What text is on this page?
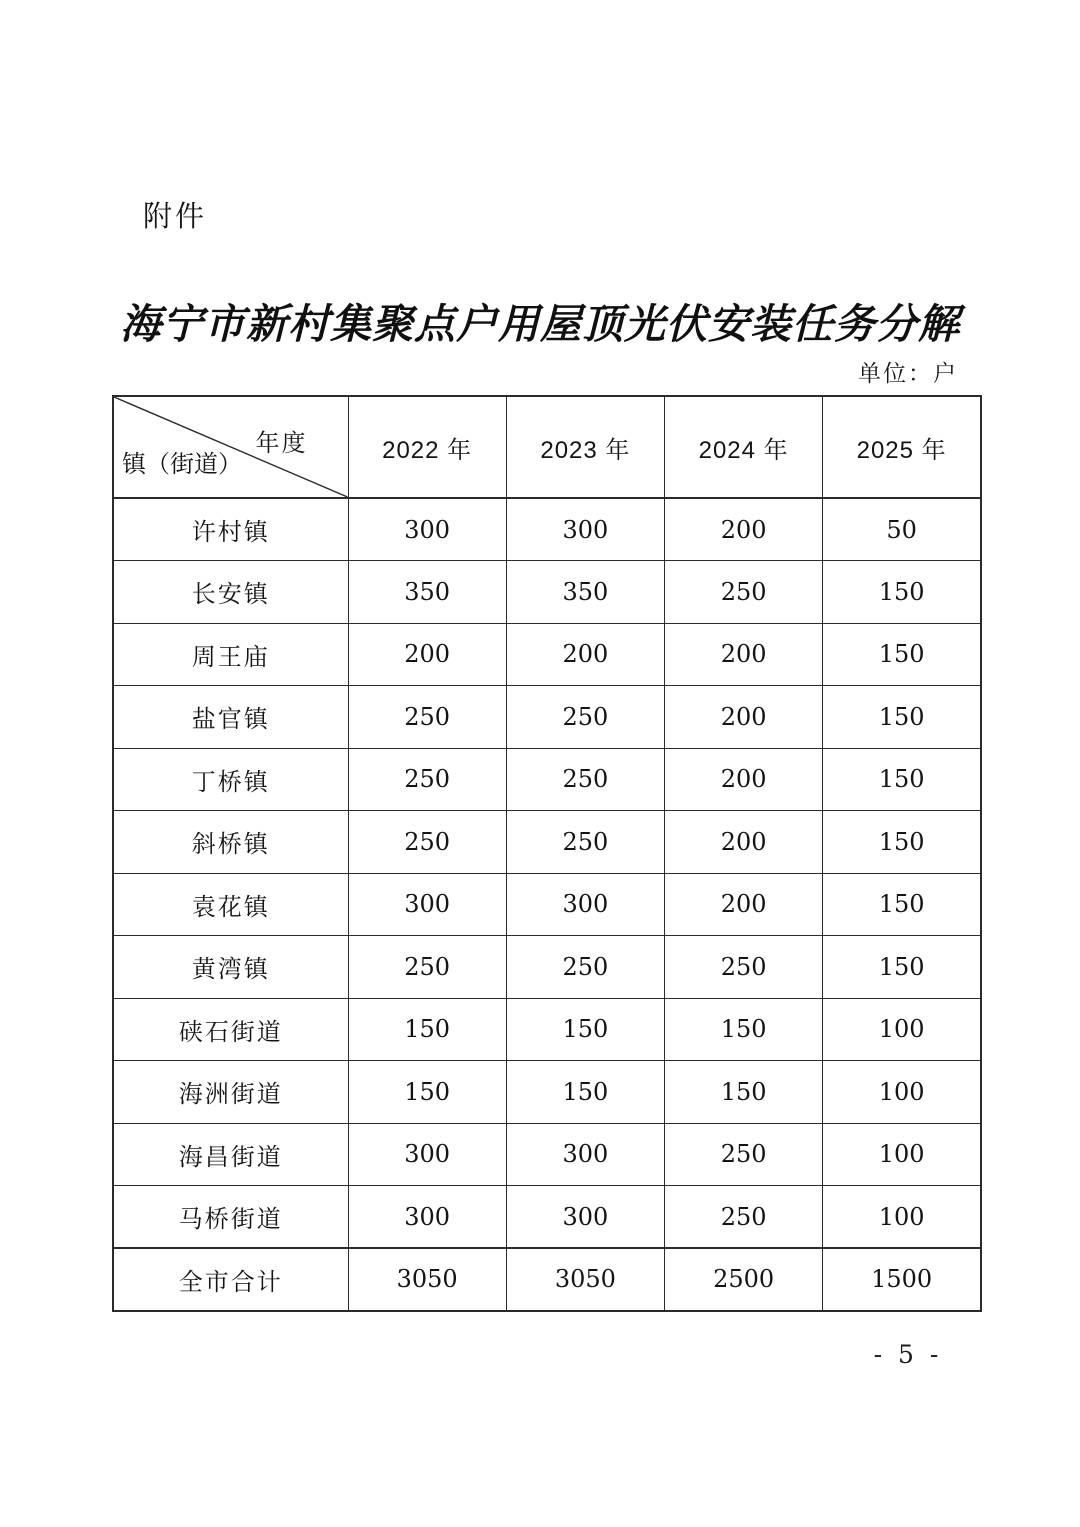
附件
海宁市新村集聚点户用屋顶光伏安装任务分解
单位：户
年度
镇（街道）	2022 年	2023 年	2024 年	2025 年
许村镇	300	300	200	50
长安镇	350	350	250	150
周王庙	200	200	200	150
盐官镇	250	250	200	150
丁桥镇	250	250	200	150
斜桥镇	250	250	200	150
袁花镇	300	300	200	150
黄湾镇	250	250	250	150
硖石街道	150	150	150	100
海洲街道	150	150	150	100
海昌街道	300	300	250	100
马桥街道	300	300	250	100
全市合计	3050	3050	2500	1500
- 5 -
